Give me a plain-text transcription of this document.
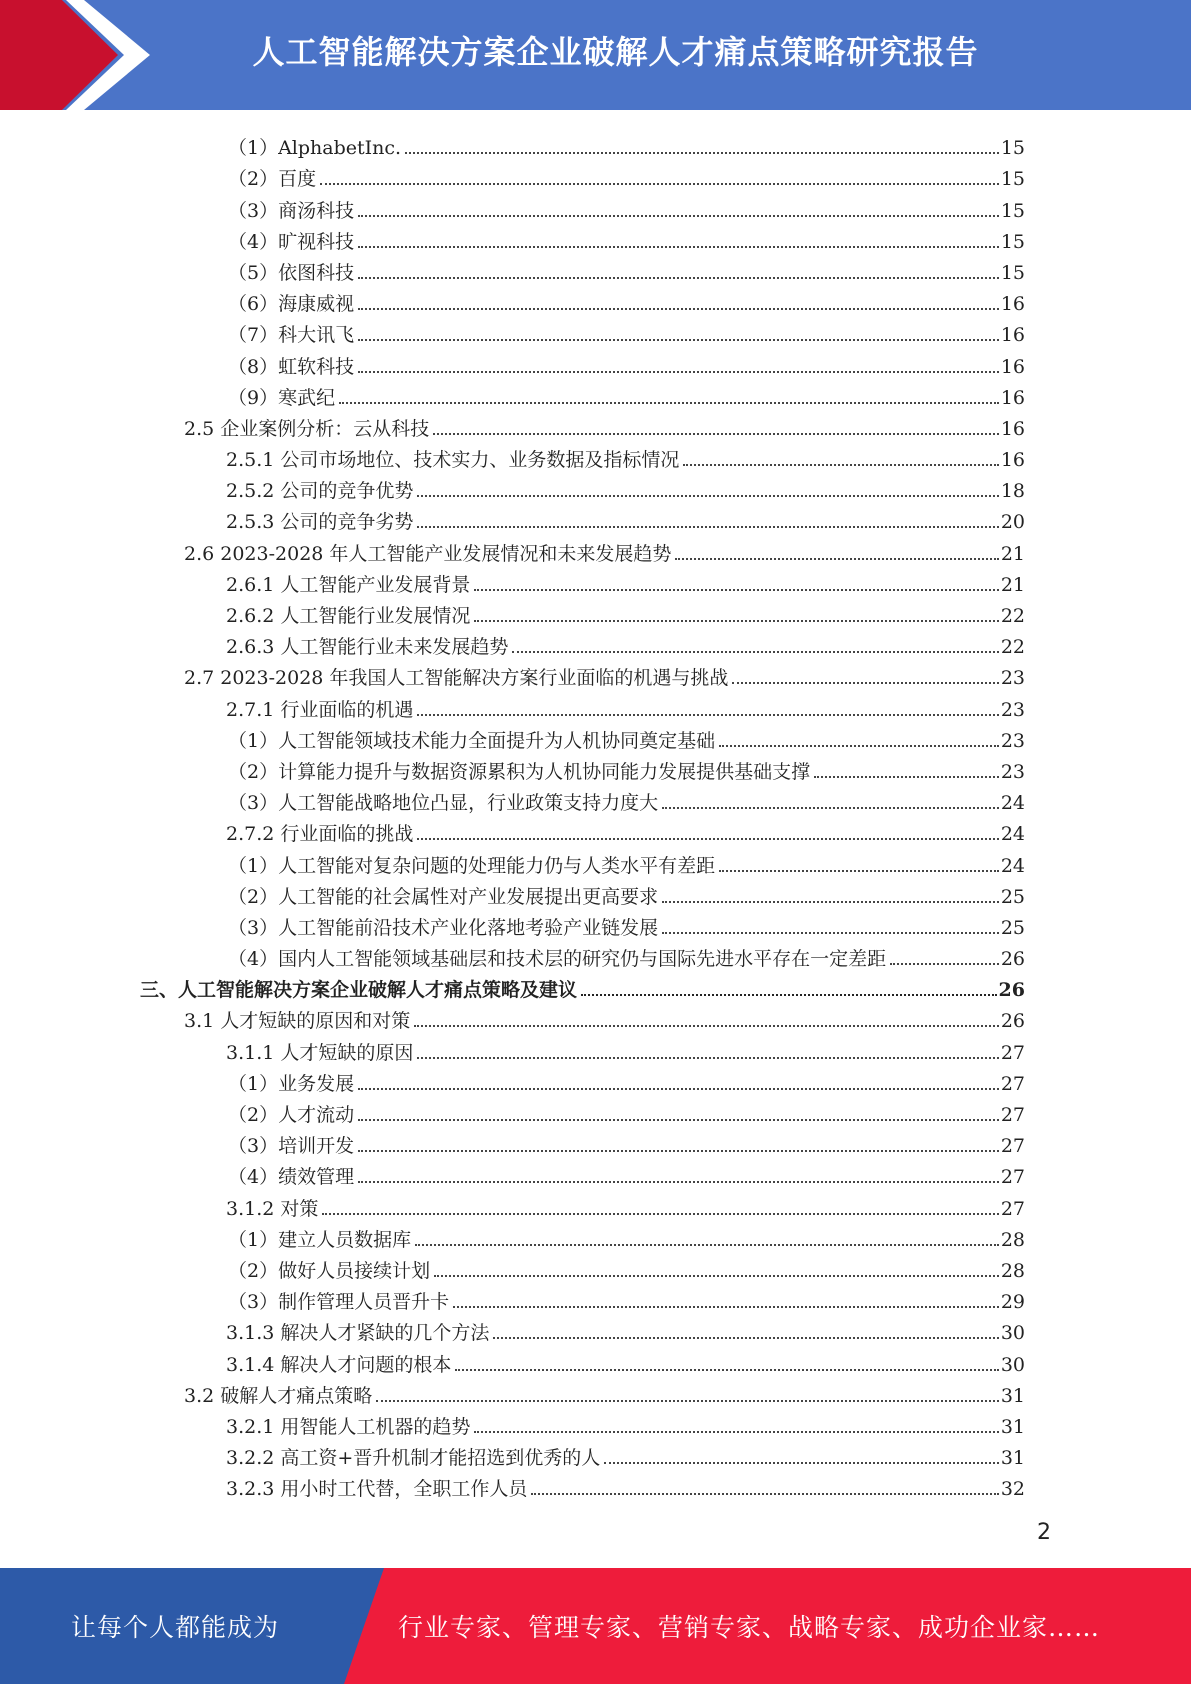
人工智能解决方案企业破解人才痛点策略研究报告
（1）AlphabetInc.	15
（2）百度	15
（3）商汤科技	15
（4）旷视科技	15
（5）依图科技	15
（6）海康威视	16
（7）科大讯飞	16
（8）虹软科技	16
（9）寒武纪	16
2.5 企业案例分析：云从科技	16
2.5.1 公司市场地位、技术实力、业务数据及指标情况	16
2.5.2 公司的竞争优势	18
2.5.3 公司的竞争劣势	20
2.6 2023-2028 年人工智能产业发展情况和未来发展趋势	21
2.6.1 人工智能产业发展背景	21
2.6.2 人工智能行业发展情况	22
2.6.3 人工智能行业未来发展趋势	22
2.7 2023-2028 年我国人工智能解决方案行业面临的机遇与挑战	23
2.7.1 行业面临的机遇	23
（1）人工智能领域技术能力全面提升为人机协同奠定基础	23
（2）计算能力提升与数据资源累积为人机协同能力发展提供基础支撑	23
（3）人工智能战略地位凸显，行业政策支持力度大	24
2.7.2 行业面临的挑战	24
（1）人工智能对复杂问题的处理能力仍与人类水平有差距	24
（2）人工智能的社会属性对产业发展提出更高要求	25
（3）人工智能前沿技术产业化落地考验产业链发展	25
（4）国内人工智能领域基础层和技术层的研究仍与国际先进水平存在一定差距	26
三、人工智能解决方案企业破解人才痛点策略及建议	26
3.1 人才短缺的原因和对策	26
3.1.1 人才短缺的原因	27
（1）业务发展	27
（2）人才流动	27
（3）培训开发	27
（4）绩效管理	27
3.1.2 对策	27
（1）建立人员数据库	28
（2）做好人员接续计划	28
（3）制作管理人员晋升卡	29
3.1.3 解决人才紧缺的几个方法	30
3.1.4 解决人才问题的根本	30
3.2 破解人才痛点策略	31
3.2.1 用智能人工机器的趋势	31
3.2.2 高工资+晋升机制才能招选到优秀的人	31
3.2.3 用小时工代替，全职工作人员	32
2
让每个人都能成为	行业专家、管理专家、营销专家、战略专家、成功企业家……
